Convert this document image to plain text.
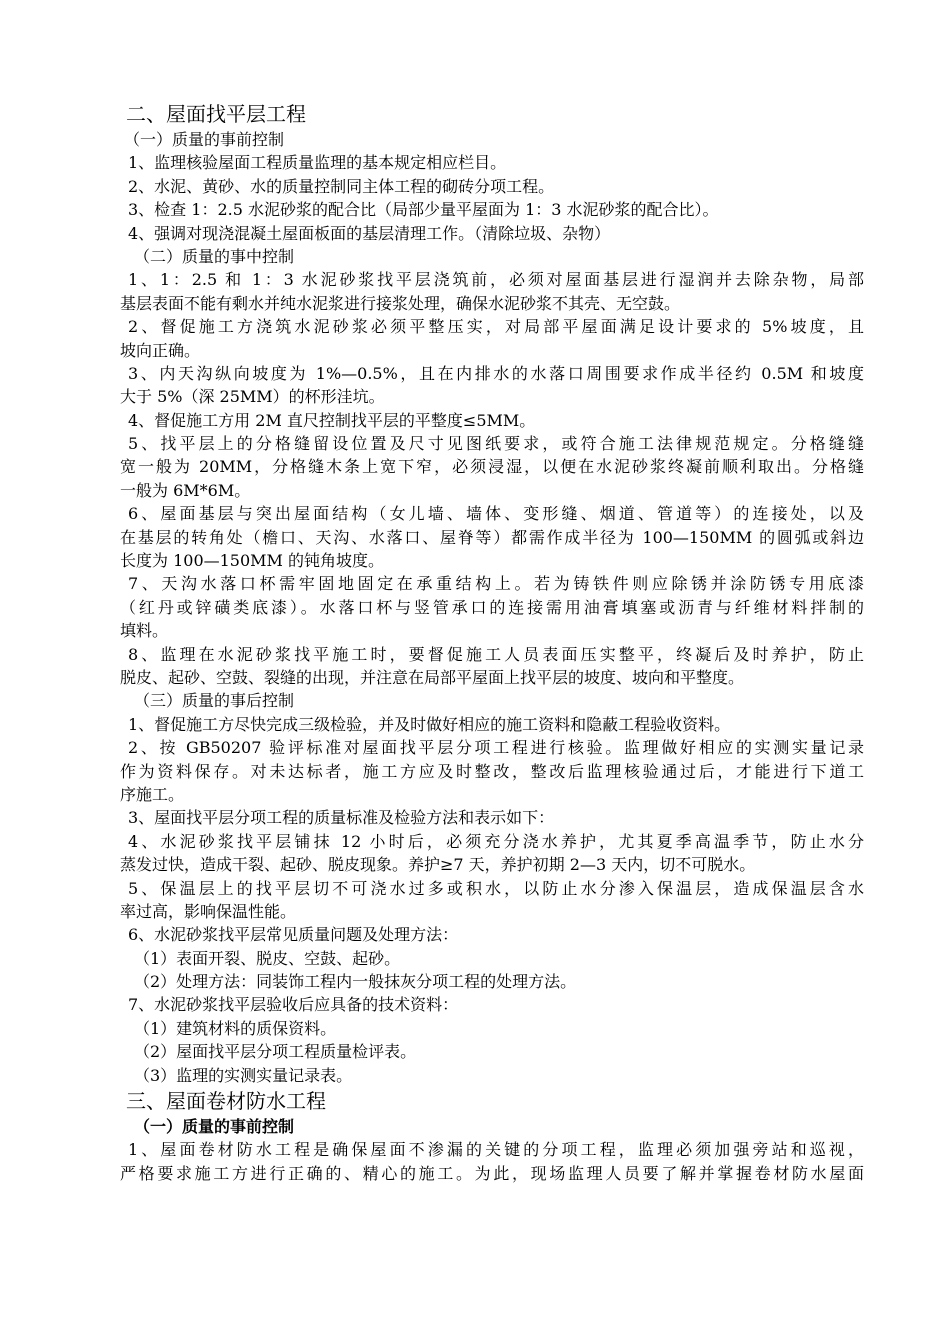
二、屋面找平层工程
（一）质量的事前控制
1、监理核验屋面工程质量监理的基本规定相应栏目。
2、水泥、黄砂、水的质量控制同主体工程的砌砖分项工程。
3、检查 1：2.5 水泥砂浆的配合比（局部少量平屋面为 1：3 水泥砂浆的配合比）。
4、强调对现浇混凝土屋面板面的基层清理工作。（清除垃圾、杂物）
（二）质量的事中控制
1、1：2.5 和 1：3 水泥砂浆找平层浇筑前，必须对屋面基层进行湿润并去除杂物，局部
基层表面不能有剩水并纯水泥浆进行接浆处理，确保水泥砂浆不其壳、无空鼓。
2、督促施工方浇筑水泥砂浆必须平整压实，对局部平屋面满足设计要求的 5%坡度，且
坡向正确。
3、内天沟纵向坡度为 1%—0.5%，且在内排水的水落口周围要求作成半径约 0.5M 和坡度
大于 5%（深 25MM）的杯形洼坑。
4、督促施工方用 2M 直尺控制找平层的平整度≤5MM。
5、找平层上的分格缝留设位置及尺寸见图纸要求，或符合施工法律规范规定。分格缝缝
宽一般为 20MM，分格缝木条上宽下窄，必须浸湿，以便在水泥砂浆终凝前顺利取出。分格缝
一般为 6M*6M。
6、屋面基层与突出屋面结构（女儿墙、墙体、变形缝、烟道、管道等）的连接处，以及
在基层的转角处（檐口、天沟、水落口、屋脊等）都需作成半径为 100—150MM 的圆弧或斜边
长度为 100—150MM 的钝角坡度。
7、天沟水落口杯需牢固地固定在承重结构上。若为铸铁件则应除锈并涂防锈专用底漆
（红丹或锌磺类底漆）。水落口杯与竖管承口的连接需用油膏填塞或沥青与纤维材料拌制的
填料。
8、监理在水泥砂浆找平施工时，要督促施工人员表面压实整平，终凝后及时养护，防止
脱皮、起砂、空鼓、裂缝的出现，并注意在局部平屋面上找平层的坡度、坡向和平整度。
（三）质量的事后控制
1、督促施工方尽快完成三级检验，并及时做好相应的施工资料和隐蔽工程验收资料。
2、按 GB50207 验评标准对屋面找平层分项工程进行核验。监理做好相应的实测实量记录
作为资料保存。对未达标者，施工方应及时整改，整改后监理核验通过后，才能进行下道工
序施工。
3、屋面找平层分项工程的质量标准及检验方法和表示如下：
4、水泥砂浆找平层铺抹 12 小时后，必须充分浇水养护，尤其夏季高温季节，防止水分
蒸发过快，造成干裂、起砂、脱皮现象。养护≥7 天，养护初期 2—3 天内，切不可脱水。
5、保温层上的找平层切不可浇水过多或积水，以防止水分渗入保温层，造成保温层含水
率过高，影响保温性能。
6、水泥砂浆找平层常见质量问题及处理方法：
（1）表面开裂、脱皮、空鼓、起砂。
（2）处理方法：同装饰工程内一般抹灰分项工程的处理方法。
7、水泥砂浆找平层验收后应具备的技术资料：
（1）建筑材料的质保资料。
（2）屋面找平层分项工程质量检评表。
（3）监理的实测实量记录表。
三、屋面卷材防水工程
（一）质量的事前控制
1、屋面卷材防水工程是确保屋面不渗漏的关键的分项工程，监理必须加强旁站和巡视，
严格要求施工方进行正确的、精心的施工。为此，现场监理人员要了解并掌握卷材防水屋面
